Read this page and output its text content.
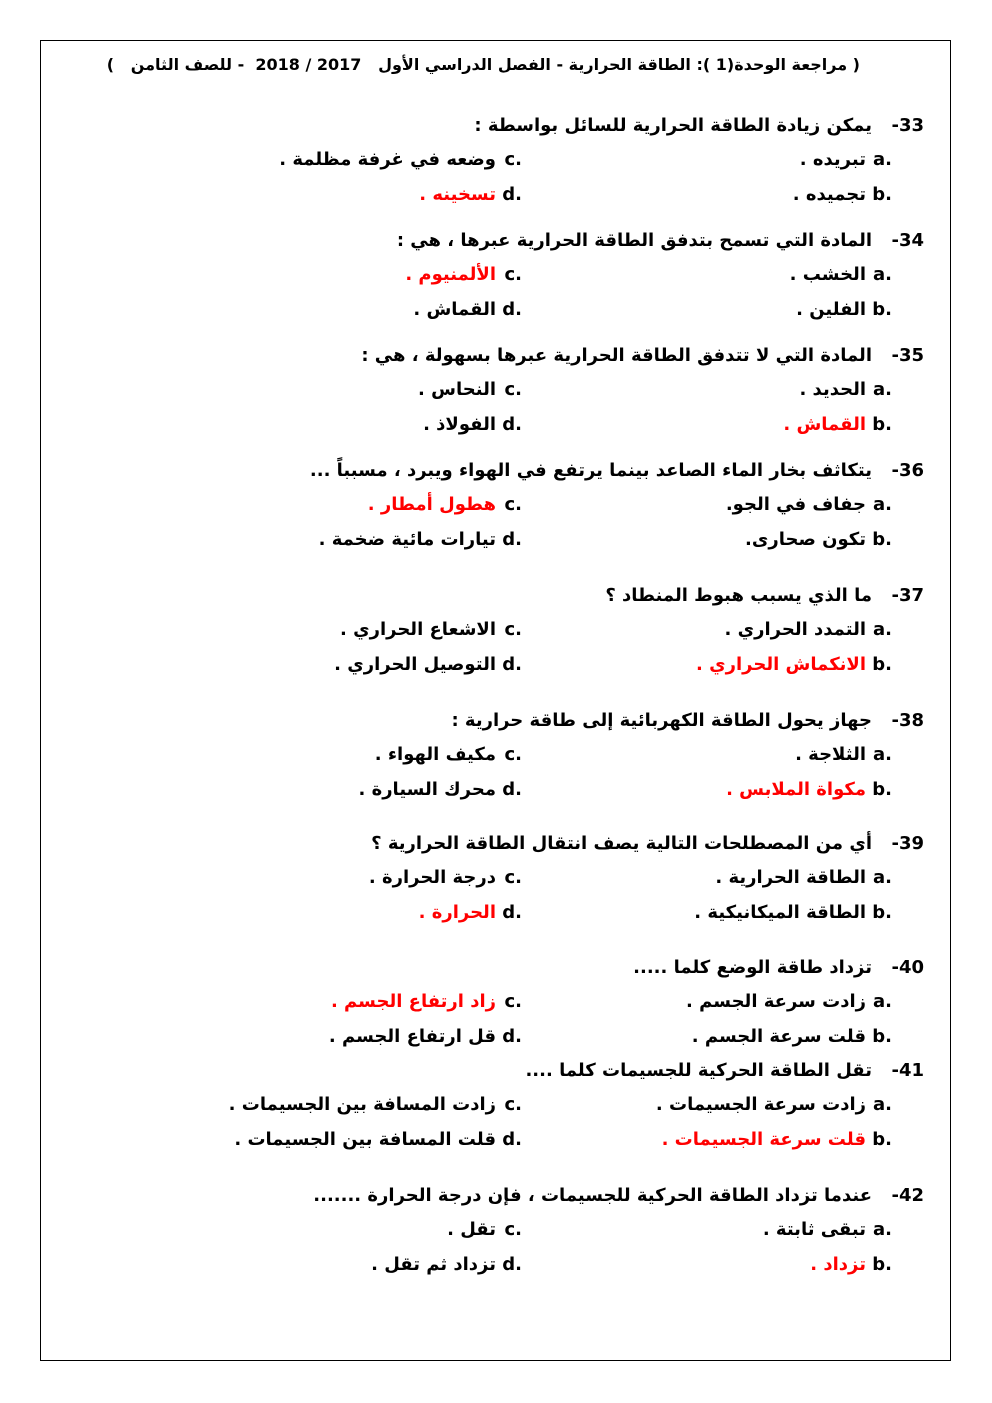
( مراجعة الوحدة(1 ): الطاقة الحرارية - الفصل الدراسي الأول   2017 / 2018  - للصف الثامن   )
-33يمكن زيادة الطاقة الحرارية للسائل بواسطة :
a.تبريده .
c.وضعه في غرفة مظلمة .
b.تجميده .
d.تسخينه .
-34المادة التي تسمح بتدفق الطاقة الحرارية عبرها ، هي :
a.الخشب .
c.الألمنيوم .
b.الفلين .
d.القماش .
-35المادة التي لا تتدفق الطاقة الحرارية عبرها بسهولة ، هي :
a.الحديد .
c.النحاس .
b.القماش .
d.الفولاذ .
-36يتكاثف بخار الماء الصاعد بينما يرتفع في الهواء ويبرد ، مسبباً ...
a.جفاف في الجو.
c.هطول أمطار .
b.تكون صحارى.
d.تيارات مائية ضخمة .
-37ما الذي يسبب هبوط المنطاد ؟
a.التمدد الحراري .
c.الاشعاع الحراري .
b.الانكماش الحراري .
d.التوصيل الحراري .
-38جهاز يحول الطاقة الكهربائية إلى طاقة حرارية :
a.الثلاجة .
c.مكيف الهواء .
b.مكواة الملابس .
d.محرك السيارة .
-39أي من المصطلحات التالية يصف انتقال الطاقة الحرارية ؟
a.الطاقة الحرارية .
c.درجة الحرارة .
b.الطاقة الميكانيكية .
d.الحرارة .
-40تزداد طاقة الوضع كلما .....
a.زادت سرعة الجسم .
c.زاد ارتفاع الجسم .
b.قلت سرعة الجسم .
d.قل ارتفاع الجسم .
-41تقل الطاقة الحركية للجسيمات كلما ....
a.زادت سرعة الجسيمات .
c.زادت المسافة بين الجسيمات .
b.قلت سرعة الجسيمات .
d.قلت المسافة بين الجسيمات .
-42عندما تزداد الطاقة الحركية للجسيمات ، فإن درجة الحرارة .......
a.تبقى ثابتة .
c.تقل .
b.تزداد .
d.تزداد ثم تقل .
